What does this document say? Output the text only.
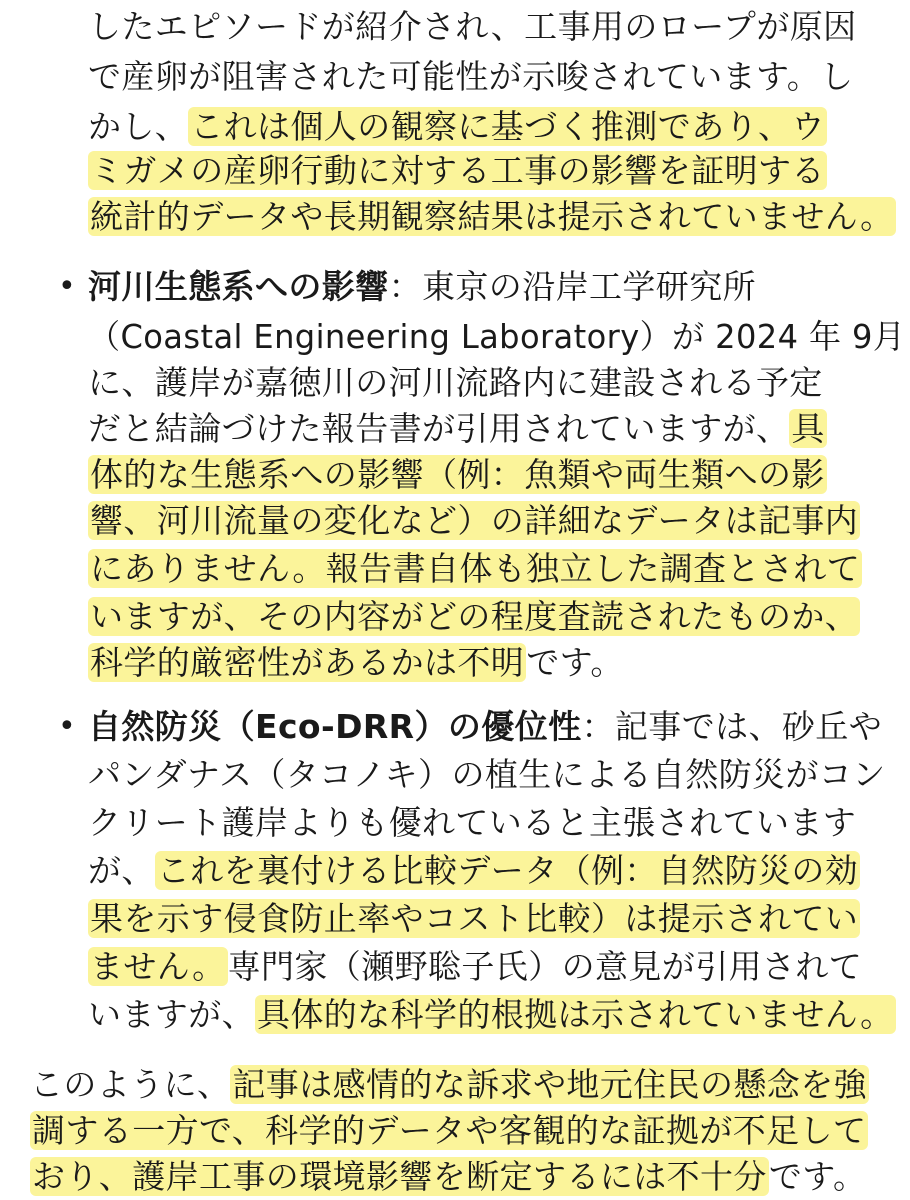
したエピソードが紹介され、工事用のロープが原因
で産卵が阻害された可能性が示唆されています。し
かし、これは個人の観察に基づく推測であり、ウ
ミガメの産卵行動に対する工事の影響を証明する
統計的データや長期観察結果は提示されていません。
• 河川生態系への影響：東京の沿岸工学研究所
（Coastal Engineering Laboratory）が 2024 年 9月
に、護岸が嘉徳川の河川流路内に建設される予定
だと結論づけた報告書が引用されていますが、具
体的な生態系への影響（例：魚類や両生類への影
響、河川流量の変化など）の詳細なデータは記事内
にありません。報告書自体も独立した調査とされて
いますが、その内容がどの程度査読されたものか、
科学的厳密性があるかは不明です。
• 自然防災（Eco-DRR）の優位性：記事では、砂丘や
パンダナス（タコノキ）の植生による自然防災がコン
クリート護岸よりも優れていると主張されています
が、これを裏付ける比較データ（例：自然防災の効
果を示す侵食防止率やコスト比較）は提示されてい
ません。専門家（瀬野聡子氏）の意見が引用されて
いますが、具体的な科学的根拠は示されていません。
このように、記事は感情的な訴求や地元住民の懸念を強
調する一方で、科学的データや客観的な証拠が不足して
おり、護岸工事の環境影響を断定するには不十分です。
